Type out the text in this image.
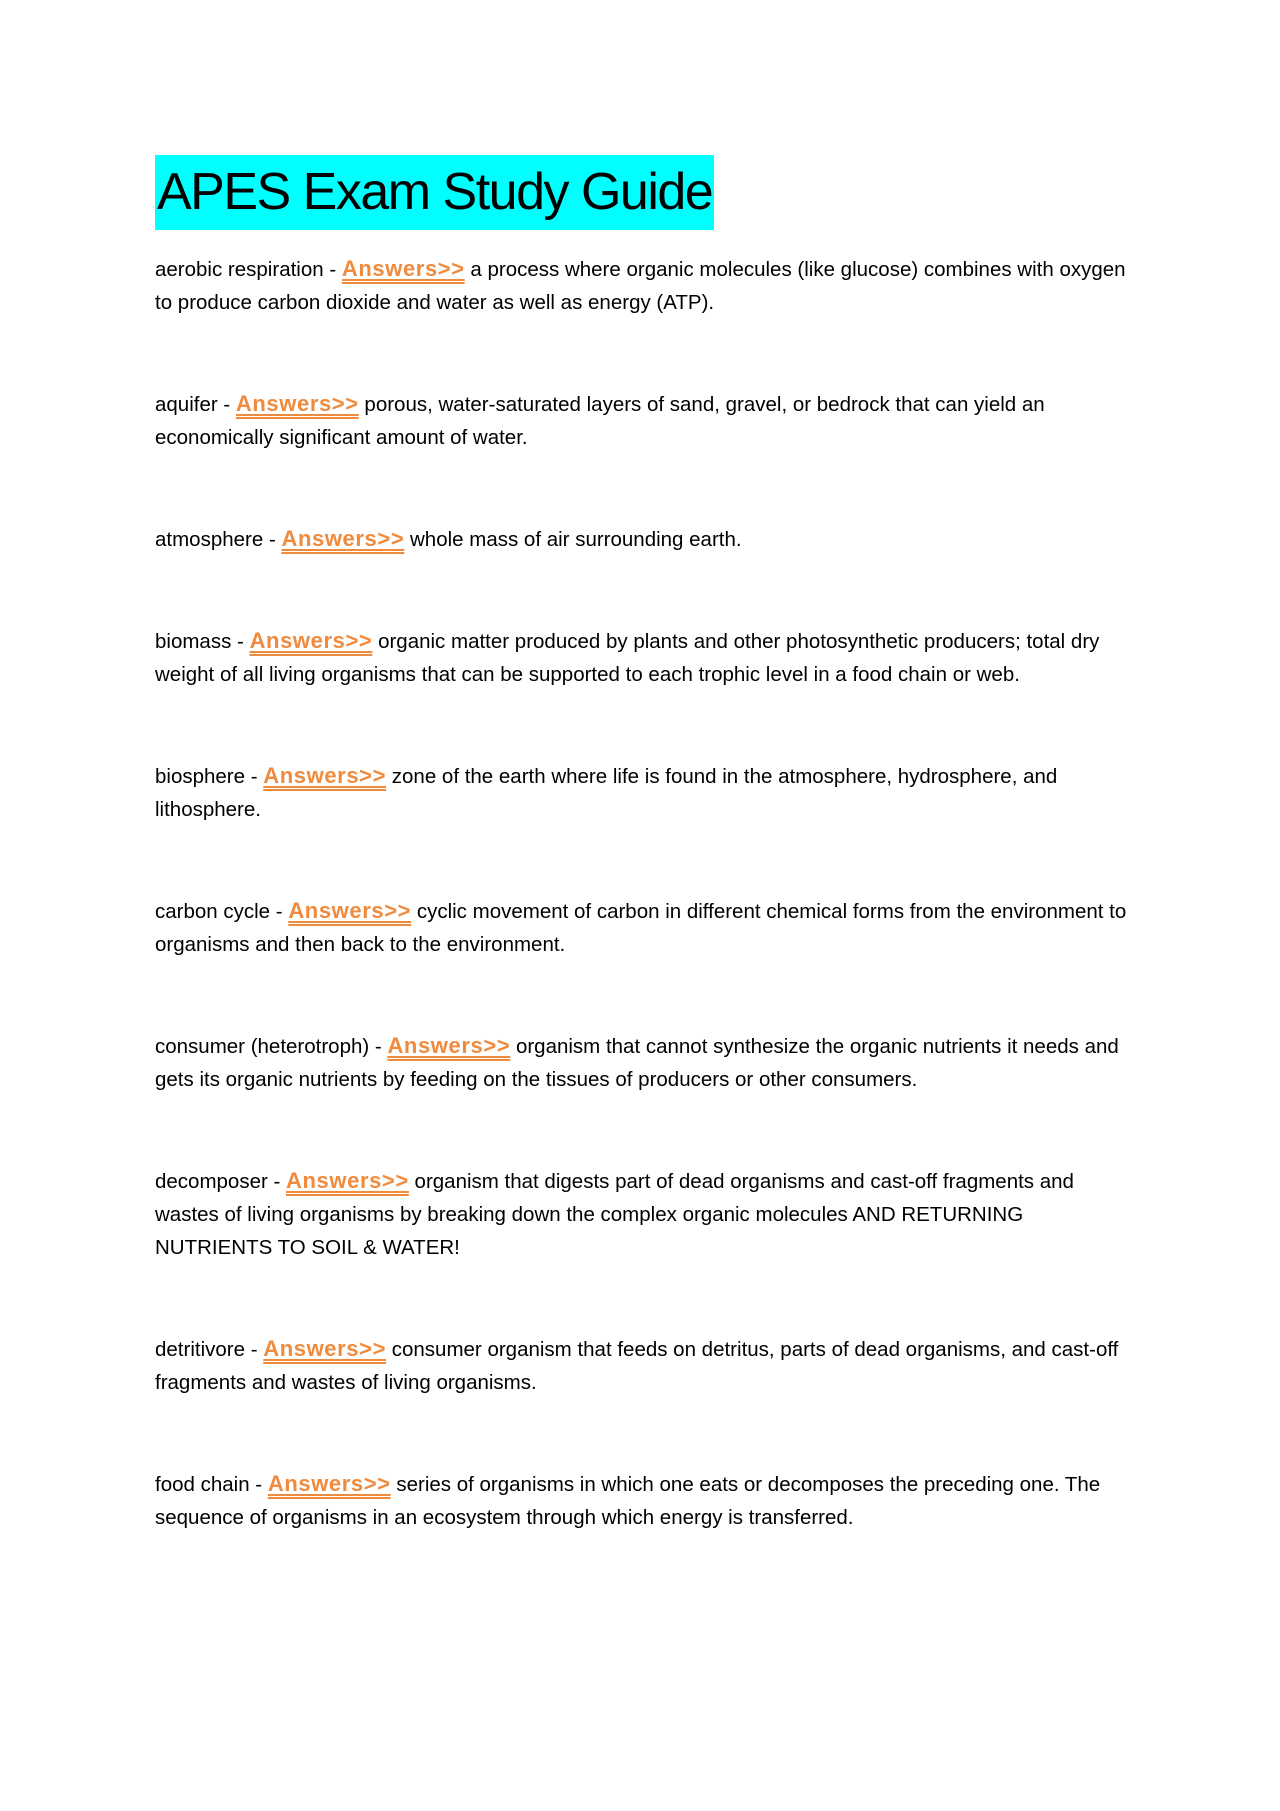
APES Exam Study Guide

aerobic respiration - Answers>> a process where organic molecules (like glucose) combines with oxygen to produce carbon dioxide and water as well as energy (ATP).

aquifer - Answers>> porous, water-saturated layers of sand, gravel, or bedrock that can yield an economically significant amount of water.

atmosphere - Answers>> whole mass of air surrounding earth.

biomass - Answers>> organic matter produced by plants and other photosynthetic producers; total dry weight of all living organisms that can be supported to each trophic level in a food chain or web.

biosphere - Answers>> zone of the earth where life is found in the atmosphere, hydrosphere, and lithosphere.

carbon cycle - Answers>> cyclic movement of carbon in different chemical forms from the environment to organisms and then back to the environment.

consumer (heterotroph) - Answers>> organism that cannot synthesize the organic nutrients it needs and gets its organic nutrients by feeding on the tissues of producers or other consumers.

decomposer - Answers>> organism that digests part of dead organisms and cast-off fragments and wastes of living organisms by breaking down the complex organic molecules AND RETURNING NUTRIENTS TO SOIL & WATER!

detritivore - Answers>> consumer organism that feeds on detritus, parts of dead organisms, and cast-off fragments and wastes of living organisms.

food chain - Answers>> series of organisms in which one eats or decomposes the preceding one. The sequence of organisms in an ecosystem through which energy is transferred.
